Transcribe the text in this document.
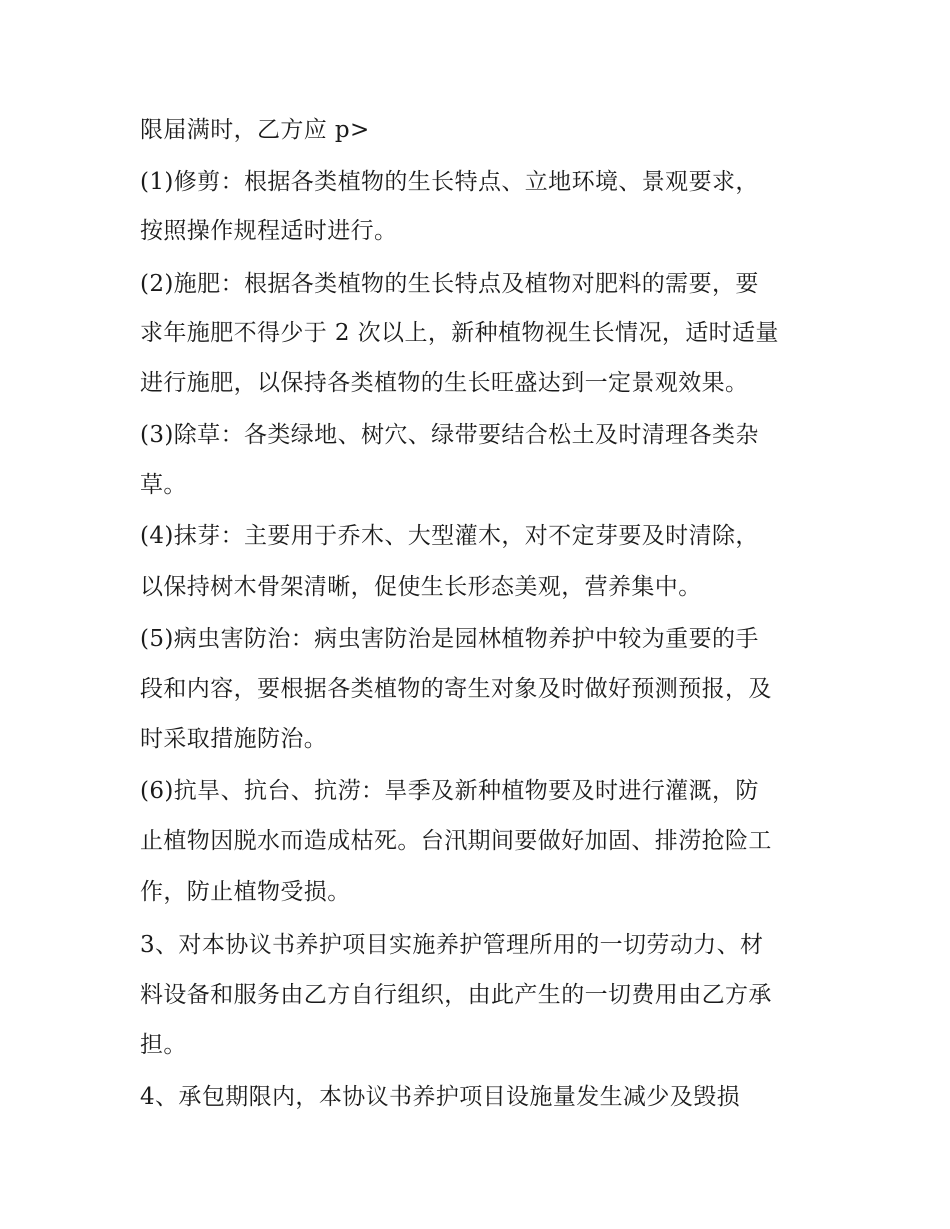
限届满时，乙方应 p>

(1)修剪：根据各类植物的生长特点、立地环境、景观要求，

按照操作规程适时进行。

(2)施肥：根据各类植物的生长特点及植物对肥料的需要，要

求年施肥不得少于 2 次以上，新种植物视生长情况，适时适量

进行施肥，以保持各类植物的生长旺盛达到一定景观效果。

(3)除草：各类绿地、树穴、绿带要结合松土及时清理各类杂

草。

(4)抹芽：主要用于乔木、大型灌木，对不定芽要及时清除，

以保持树木骨架清晰，促使生长形态美观，营养集中。

(5)病虫害防治：病虫害防治是园林植物养护中较为重要的手

段和内容，要根据各类植物的寄生对象及时做好预测预报，及

时采取措施防治。

(6)抗旱、抗台、抗涝：旱季及新种植物要及时进行灌溉，防

止植物因脱水而造成枯死。台汛期间要做好加固、排涝抢险工

作，防止植物受损。

3、对本协议书养护项目实施养护管理所用的一切劳动力、材

料设备和服务由乙方自行组织，由此产生的一切费用由乙方承

担。

4、承包期限内，本协议书养护项目设施量发生减少及毁损
